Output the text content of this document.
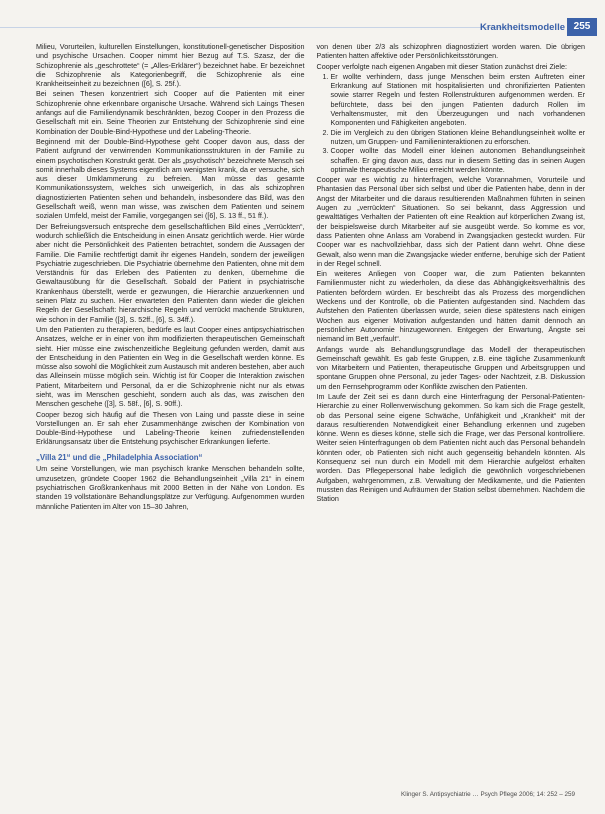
Krankheitsmodelle 255

Milieu, Vorurteilen, kulturellen Einstellungen, konstitutionell-genetischer Disposition und psychische Ursachen. Cooper nimmt hier Bezug auf T.S. Szasz, der die Schizophrenie als „geschrottete“ (= „Alles-Erklärer“) bezeichnet habe. Er bezeichnet die Schizophrenie als Kategorienbegriff, die Schizophrenie als eine Krankheitseinheit zu bezeichnen ([6], S. 25f.).

Bei seinen Thesen konzentriert sich Cooper auf die Patienten mit einer Schizophrenie ohne erkennbare organische Ursache. Während sich Laings Thesen anfangs auf die Familiendynamik beschränkten, bezog Cooper in den Prozess die Gesellschaft mit ein. Seine Theorien zur Entstehung der Schizophrenie sind eine Kombination der Double-Bind-Hypothese und der Labeling-Theorie.

Beginnend mit der Double-Bind-Hypothese geht Cooper davon aus, dass der Patient aufgrund der verwirrenden Kommunikationsstrukturen in der Familie zu einem psychotischen Konstrukt gerät. Der als „psychotisch“ bezeichnete Mensch sei somit innerhalb dieses Systems eigentlich am wenigsten krank, da er versuche, sich aus dieser Umklammerung zu befreien. Man müsse das gesamte Kommunikationssystem, welches sich unweigerlich, in das als schizophren diagnostizierten Patienten sehen und behandeln, insbesondere das Bild, was den Gesellschaft weiß, wenn man wisse, was zwischen dem Patienten und seinem sozialen Umfeld, meist der Familie, vorgegangen sei ([6], S. 13 ff., 51 ff.).

Der Befreiungsversuch entspreche dem gesellschaftlichen Bild eines „Verrückten“, wodurch schließlich die Entscheidung in einen Ansatz gerichtlich werde. Hier würde aber nicht die Persönlichkeit des Patienten betrachtet, sondern die Aussagen der Familie. Die Familie rechtfertigt damit ihr eigenes Handeln, sondern der jeweiligen Psychiatrie zugeschrieben. Die Psychiatrie übernehme den Patienten, ohne mit dem Verständnis für das Erleben des Patienten zu denken, übernehme die Gewaltausübung für die Gesellschaft. Sobald der Patient in psychiatrische Krankenhaus überstellt, werde er gezwungen, die Hierarchie anzuerkennen und seinen Platz zu suchen. Hier erwarteten den Patienten dann wieder die gleichen Regeln der Gesellschaft: hierarchische Regeln und verrückt machende Strukturen, wie schon in der Familie ([3], S. 52ff., [6], S. 34ff.).

Um den Patienten zu therapieren, bedürfe es laut Cooper eines antipsychiatrischen Ansatzes, welche er in einer von ihm modifizierten therapeutischen Gemeinschaft sieht. Hier müsse eine zwischenzeitliche Begleitung gefunden werden, damit aus der Entscheidung in den Patienten ein Weg in die Gesellschaft werden könne. Es müsse also sowohl die Möglichkeit zum Austausch mit anderen bestehen, aber auch das Alleinsein müsse möglich sein. Wichtig ist für Cooper die Interaktion zwischen Patient, Mitarbeitern und Personal, da er die Schizophrenie nicht nur als etwas sieht, was im Menschen geschieht, sondern auch als das, was zwischen den Menschen geschehe ([3], S. 58f., [6], S. 90ff.).

Cooper bezog sich häufig auf die Thesen von Laing und passte diese in seine Vorstellungen an. Er sah eher Zusammenhänge zwischen der Kombination von Double-Bind-Hypothese und Labeling-Theorie keinen zufriedenstellenden Erklärungsansatz über die Entstehung psychischer Erkrankungen lieferte.

„Villa 21“ und die „Philadelphia Association“

Um seine Vorstellungen, wie man psychisch kranke Menschen behandeln sollte, umzusetzen, gründete Cooper 1962 die Behandlungseinheit „Villa 21“ in einem psychiatrischen Großkrankenhaus mit 2000 Betten in der Nähe von London. Es standen 19 vollstationäre Behandlungsplätze zur Verfügung. Aufgenommen wurden männliche Patienten im Alter von 15–30 Jahren,

von denen über 2/3 als schizophren diagnostiziert worden waren. Die übrigen Patienten hatten affektive oder Persönlichkeitsstörungen.

Cooper verfolgte nach eigenen Angaben mit dieser Station zunächst drei Ziele:

1. Er wollte verhindern, dass junge Menschen beim ersten Auftreten einer Erkrankung auf Stationen mit hospitalisierten und chronifizierten Patienten sowie starrer Regeln und festen Rollenstrukturen aufgenommen werden. Er befürchtete, dass bei den jungen Patienten dadurch Rollen im Verhaltensmuster, mit den Überzeugungen und nach vorhandenen Komponenten und Fähigkeiten angeboten.
2. Die im Vergleich zu den übrigen Stationen kleine Behandlungseinheit wollte er nutzen, um Gruppen- und Familieninteraktionen zu erforschen.
3. Cooper wollte das Modell einer kleinen autonomen Behandlungseinheit schaffen. Er ging davon aus, dass nur in diesem Setting das in seinen Augen optimale therapeutische Milieu erreicht werden könnte.

Cooper war es wichtig zu hinterfragen, welche Vorannahmen, Vorurteile und Phantasien das Personal über sich selbst und über die Patienten habe, denn in der Angst der Mitarbeiter und die daraus resultierenden Maßnahmen führten in seinen Augen zu „verrückten“ Situationen. So sei bekannt, dass Aggression und gewalttätiges Verhalten der Patienten oft eine Reaktion auf körperlichen Zwang ist, der beispielsweise durch Mitarbeiter auf sie ausgeübt werde. So komme es vor, dass Patienten ohne Anlass am Vorabend in Zwangsjacken gesteckt wurden. Für Cooper war es nachvollziehbar, dass sich der Patient dann wehrt. Ohne diese Gewalt, also wenn man die Zwangsjacke wieder entferne, beruhige sich der Patient in der Regel schnell.

Ein weiteres Anliegen von Cooper war, die zum Patienten bekannten Familienmuster nicht zu wiederholen, da diese das Abhängigkeitsverhältnis des Patienten befördern würden. Er beschreibt das als Prozess des morgendlichen Weckens und der Kontrolle, ob die Patienten aufgestanden sind. Nachdem das Aufstehen den Patienten überlassen wurde, seien diese spätestens nach einigen Wochen aus eigener Motivation aufgestanden und hätten damit dennoch an persönlicher Autonomie hinzugewonnen. Entgegen der Erwartung, Ängste sei niemand im Bett „verfault“.

Anfangs wurde als Behandlungsgrundlage das Modell der therapeutischen Gemeinschaft gewählt. Es gab feste Gruppen, z.B. eine tägliche Zusammenkunft von Mitarbeitern und Patienten, therapeutische Gruppen und Arbeitsgruppen und spontane Gruppen ohne Personal, zu jeder Tages- oder Nachtzeit, z.B. Diskussion um den Fernsehprogramm oder Konflikte zwischen den Patienten.

Im Laufe der Zeit sei es dann durch eine Hinterfragung der Personal-Patienten-Hierarchie zu einer Rollenverwischung gekommen. So kam sich die Frage gestellt, ob das Personal seine eigene Schwäche, Unfähigkeit und „Krankheit“ mit der daraus resultierenden Notwendigkeit einer Behandlung erkennen und zugeben könne. Wenn es dieses könne, stelle sich die Frage, wer das Personal kontrolliere. Weiter seien Hinterfragungen ob dem Patienten nicht auch das Personal behandeln könnten oder, ob Patienten sich nicht auch gegenseitig behandeln könnten. Als Konsequenz sei nun durch ein Modell mit dem Hierarchie aufgelöst erhalten worden. Das Pflegepersonal habe lediglich die gewöhnlich vorgeschriebenen Aufgaben, wahrgenommen, z.B. Verwaltung der Medikamente, und die Patienten mussten das Reinigen und Aufräumen der Station selbst übernehmen. Nachdem die Station

Klinger S. Antipsychiatrie … Psych Pflege 2006; 14: 252 – 259
